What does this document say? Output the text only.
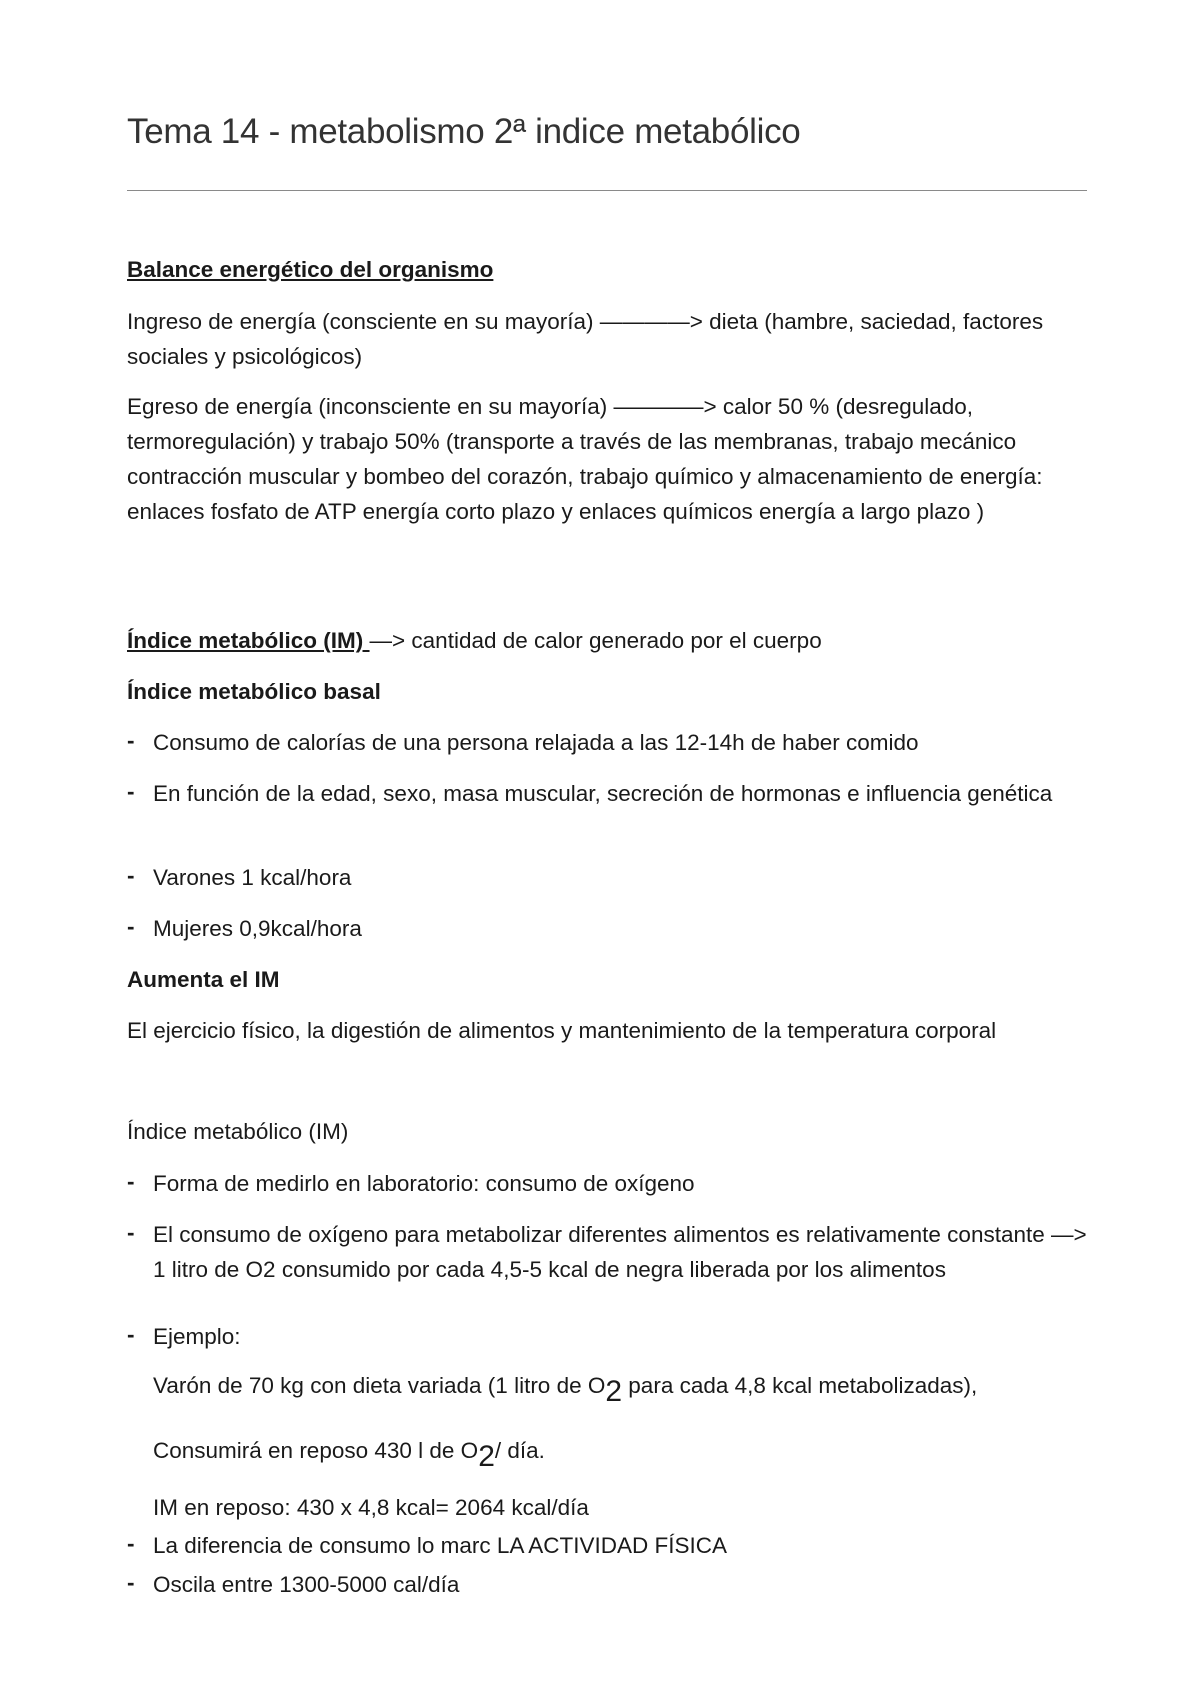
Tema 14 - metabolismo 2ª indice metabólico

Balance energético del organismo

Ingreso de energía (consciente en su mayoría) ————> dieta (hambre, saciedad, factores sociales y psicológicos)

Egreso de energía (inconsciente en su mayoría) ————> calor 50 % (desregulado, termoregulación) y trabajo 50% (transporte a través de las membranas, trabajo mecánico contracción muscular y bombeo del corazón, trabajo químico y almacenamiento de energía: enlaces fosfato de ATP energía corto plazo y enlaces químicos energía a largo plazo )

Índice metabólico (IM) —> cantidad de calor generado por el cuerpo

Índice metabólico basal

- Consumo de calorías de una persona relajada a las 12-14h de haber comido
- En función de la edad, sexo, masa muscular, secreción de hormonas e influencia genética
- Varones 1 kcal/hora
- Mujeres 0,9kcal/hora

Aumenta el IM

El ejercicio físico, la digestión de alimentos y mantenimiento de la temperatura corporal

Índice metabólico (IM)

- Forma de medirlo en laboratorio: consumo de oxígeno
- El consumo de oxígeno para metabolizar diferentes alimentos es relativamente constante —> 1 litro de O2 consumido por cada 4,5-5 kcal de negra liberada por los alimentos
- Ejemplo:

Varón de 70 kg con dieta variada (1 litro de $O_2$ para cada 4,8 kcal metabolizadas),

Consumirá en reposo 430 l de $O_2/$ día.

IM en reposo: 430 x 4,8 kcal= 2064 kcal/día

- La diferencia de consumo lo marc LA ACTIVIDAD FÍSICA
- Oscila entre 1300-5000 cal/día
